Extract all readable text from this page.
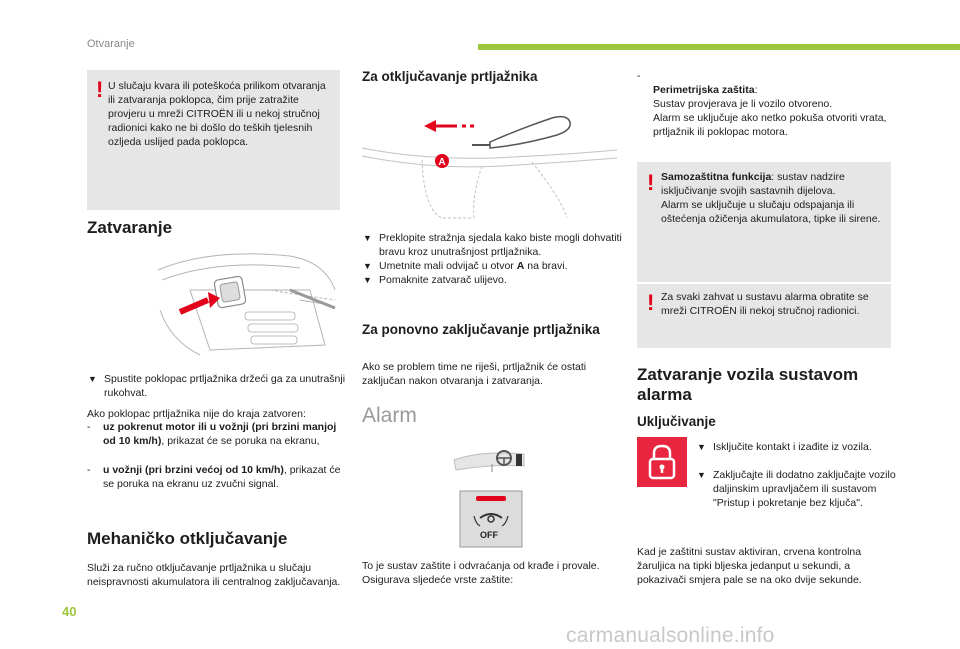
Otvaranje
! U slučaju kvara ili poteškoća prilikom otvaranja ili zatvaranja poklopca, čim prije zatražite provjeru u mreži CITROËN ili u nekoj stručnoj radionici kako ne bi došlo do teških tjelesnih ozljeda uslijed pada poklopca.
Zatvaranje
▼ Spustite poklopac prtljažnika držeći ga za unutrašnji rukohvat.
Ako poklopac prtljažnika nije do kraja zatvoren:
- uz pokrenut motor ili u vožnji (pri brzini manjoj od 10 km/h), prikazat će se poruka na ekranu,
- u vožnji (pri brzini većoj od 10 km/h), prikazat će se poruka na ekranu uz zvučni signal.
Mehaničko otključavanje
Služi za ručno otključavanje prtljažnika u slučaju neispravnosti akumulatora ili centralnog zaključavanja.
Za otključavanje prtljažnika
A
▼ Preklopite stražnja sjedala kako biste mogli dohvatiti bravu kroz unutrašnjost prtljažnika.
▼ Umetnite mali odvijač u otvor A na bravi.
▼ Pomaknite zatvarač ulijevo.
Za ponovno zaključavanje prtljažnika
Ako se problem time ne riješi, prtljažnik će ostati zaključan nakon otvaranja i zatvaranja.
Alarm
OFF
To je sustav zaštite i odvraćanja od krađe i provale. Osigurava sljedeće vrste zaštite:
-

Perimetrijska zaštita:
Sustav provjerava je li vozilo otvoreno.
Alarm se uključuje ako netko pokuša otvoriti vrata, prtljažnik ili poklopac motora.

! Samozaštitna funkcija: sustav nadzire isključivanje svojih sastavnih dijelova.
Alarm se uključuje u slučaju odspajanja ili oštećenja ožičenja akumulatora, tipke ili sirene.
! Za svaki zahvat u sustavu alarma obratite se mreži CITROËN ili nekoj stručnoj radionici.
Zatvaranje vozila sustavom alarma
Uključivanje
▼ Isključite kontakt i izađite iz vozila.
▼ Zaključajte ili dodatno zaključajte vozilo daljinskim upravljačem ili sustavom "Pristup i pokretanje bez ključa".
Kad je zaštitni sustav aktiviran, crvena kontrolna žaruljica na tipki bljeska jedanput u sekundi, a pokazivači smjera pale se na oko dvije sekunde.
40
carmanualsonline.info
